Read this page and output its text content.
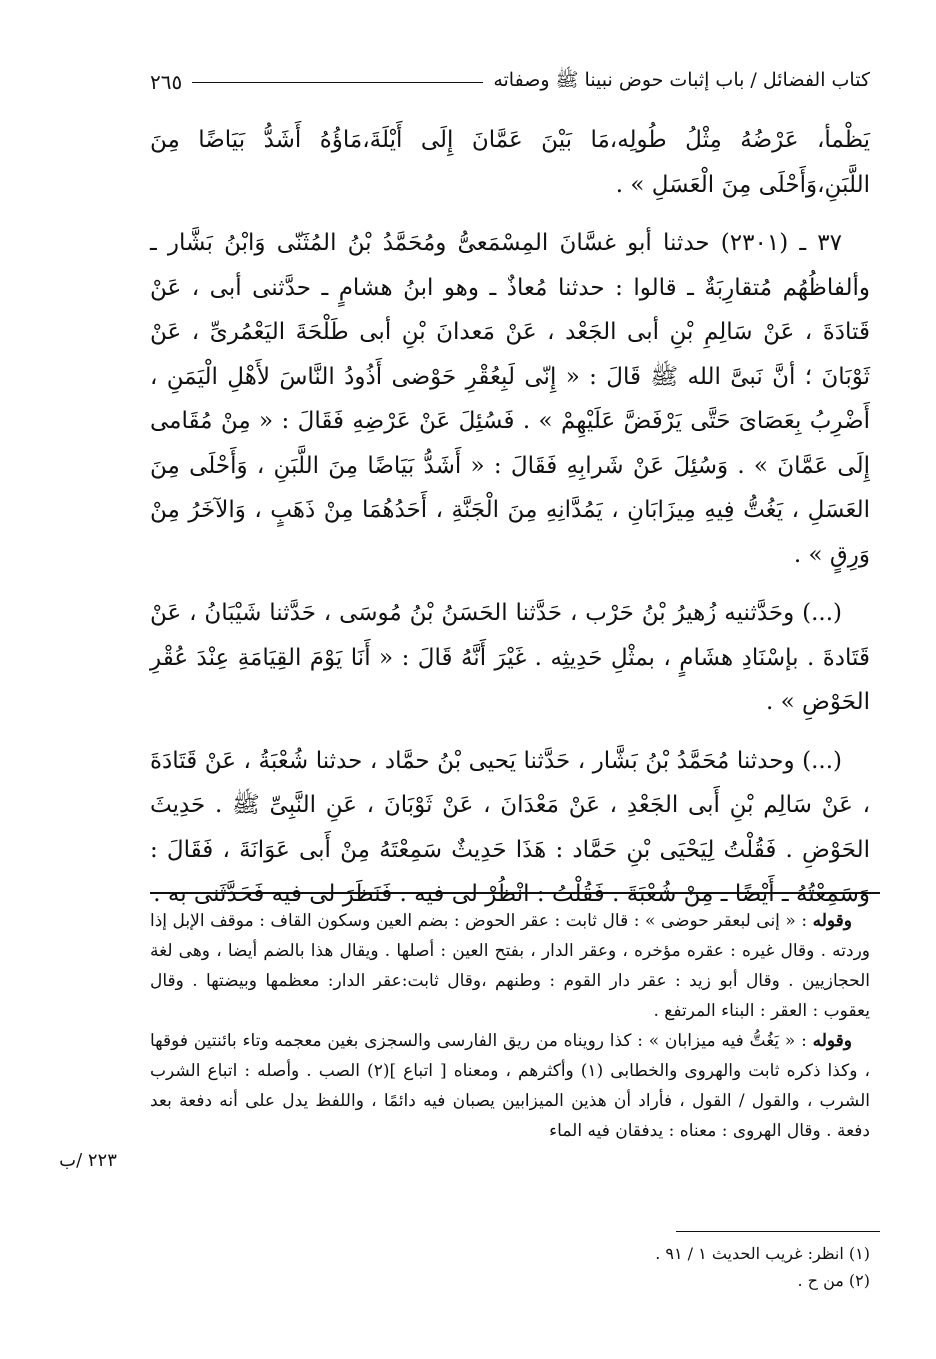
كتاب الفضائل / باب إثبات حوض نبينا ﷺ وصفاته
٢٦٥

يَظْمأ، عَرْضُهُ مِثْلُ طُولِه،مَا بَيْنَ عَمَّانَ إِلَى أَيْلَةَ،مَاؤُهُ أَشَدُّ بَيَاضًا مِنَ اللَّبَنِ،وَأَحْلَى مِنَ الْعَسَلِ » .

٣٧ ـ (٢٣٠١) حدثنا أبو غسَّانَ المِسْمَعىُّ ومُحَمَّدُ بْنُ المُثَنّى وَابْنُ بَشَّار ـ وألفاظُهُم مُتقارِبَةٌ ـ قالوا : حدثنا مُعاذٌ ـ وهو ابنُ هشامٍ ـ حدَّثنى أبى ، عَنْ قَتادَةَ ، عَنْ سَالِمِ بْنِ أبى الجَعْد ، عَنْ مَعدانَ بْنِ أبى طَلْحَةَ اليَعْمُرىِّ ، عَنْ ثَوْبَانَ ؛ أنَّ نَبىَّ الله ﷺ قَالَ : « إِنّى لَبِعُقْرِ حَوْضى أَذُودُ النَّاسَ لأَهْلِ الْيَمَنِ ، أَضْرِبُ بِعَصَاىَ حَتَّى يَرْفَضَّ عَلَيْهِمْ » . فَسُئِلَ عَنْ عَرْضِهِ فَقَالَ : « مِنْ مُقَامى إِلَى عَمَّانَ » . وَسُئِلَ عَنْ شَرابِهِ فَقَالَ : « أَشَدُّ بَيَاضًا مِنَ اللَّبَنِ ، وَأَحْلَى مِنَ العَسَلِ ، يَغُتُّ فِيهِ مِيزَابَانِ ، يَمُدَّانِهِ مِنَ الْجَنَّةِ ، أَحَدُهُمَا مِنْ ذَهَبٍ ، وَالآخَرُ مِنْ وَرِقٍ » .

(...) وحَدَّثنيه زُهيرُ بْنُ حَرْب ، حَدَّثنا الحَسَنُ بْنُ مُوسَى ، حَدَّثنا شَيْبَانُ ، عَنْ قَتَادةَ . بإسْنَادِ هشَامٍ ، بمثْلِ حَدِيثِه . غَيْرَ أَنَّهُ قَالَ : « أَنَا يَوْمَ القِيَامَةِ عِنْدَ عُقْرِ الحَوْضِ » .

(...) وحدثنا مُحَمَّدُ بْنُ بَشَّار ، حَدَّثنا يَحيى بْنُ حمَّاد ، حدثنا شُعْبَةُ ، عَنْ قَتَادَةَ ، عَنْ سَالِم بْنِ أَبى الجَعْدِ ، عَنْ مَعْدَانَ ، عَنْ ثَوْبَانَ ، عَنِ النَّبِىِّ ﷺ . حَدِيثَ الحَوْضِ . فَقُلْتُ لِيَحْيَى بْنِ حَمَّاد : هَذَا حَدِيثٌ سَمِعْتَهُ مِنْ أَبى عَوَانَةَ ، فَقَالَ : وَسَمِعْتُهُ ـ أَيْضًا ـ مِنْ شُعْبَةَ . فَقُلْتُ : انْظُرْ لى فيه . فَنَظَرَ لى فيه فَحَدَّثَنى به .

وقوله : « إنى لبعقر حوضى » : قال ثابت : عقر الحوض : بضم العين وسكون القاف : موقف الإبل إذا وردته . وقال غيره : عقره مؤخره ، وعقر الدار ، بفتح العين : أصلها . ويقال هذا بالضم أيضا ، وهى لغة الحجازيين . وقال أبو زيد : عقر دار القوم : وطنهم ،وقال ثابت:عقر الدار: معظمها وبيضتها . وقال يعقوب : العقر : البناء المرتفع .

وقوله : « يَغُتُّ فيه ميزابان » : كذا رويناه من ريق الفارسى والسجزى بغين معجمه وتاء بائنتين فوقها ، وكذا ذكره ثابت والهروى والخطابى (١) وأكثرهم ، ومعناه [ اتباع ](٢) الصب . وأصله : اتباع الشرب الشرب ، والقول / القول ، فأراد أن هذين الميزابين يصبان فيه دائمًا ، واللفظ يدل على أنه دفعة بعد دفعة . وقال الهروى : معناه : يدفقان فيه الماء

٢٢٣ /ب
(١) انظر: غريب الحديث ١ / ٩١ .
(٢) من ح .
